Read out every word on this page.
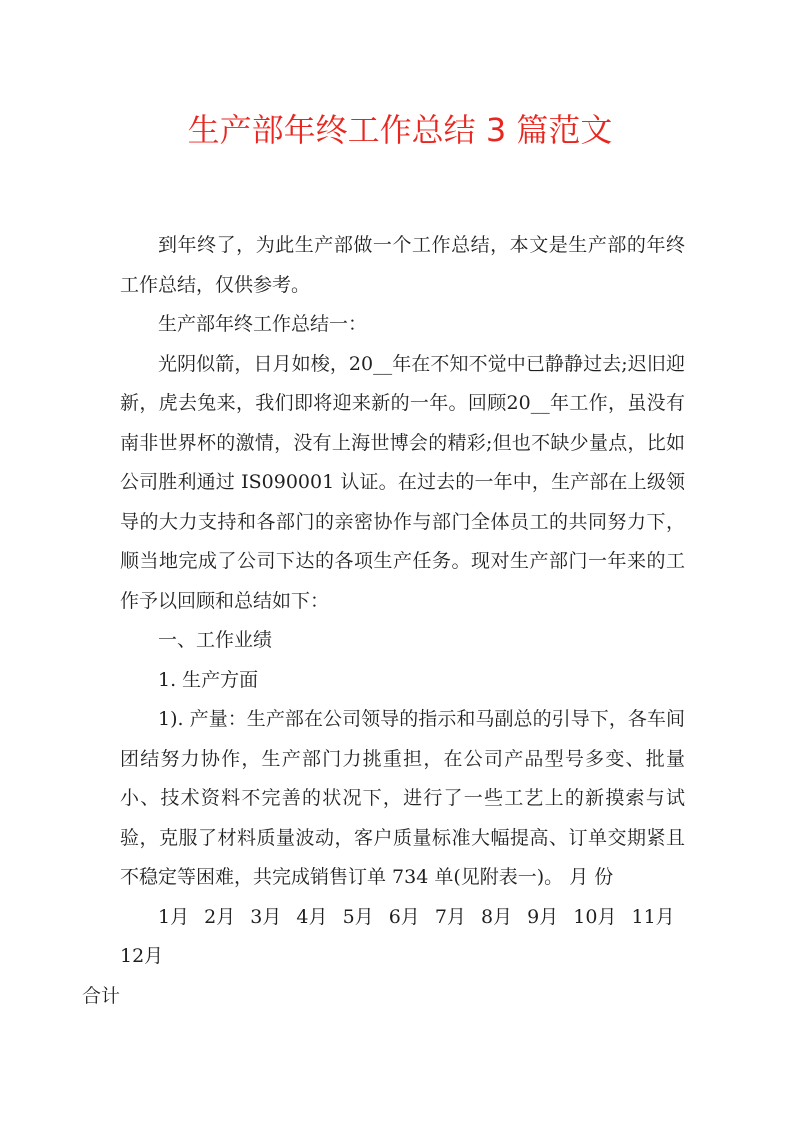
生产部年终工作总结 3 篇范文

到年终了，为此生产部做一个工作总结，本文是生产部的年终工作总结，仅供参考。

生产部年终工作总结一：

光阴似箭，日月如梭，20__年在不知不觉中已静静过去;迟旧迎新，虎去兔来，我们即将迎来新的一年。回顾20__年工作，虽没有南非世界杯的激情，没有上海世博会的精彩;但也不缺少量点，比如公司胜利通过 IS090001 认证。在过去的一年中，生产部在上级领导的大力支持和各部门的亲密协作与部门全体员工的共同努力下，顺当地完成了公司下达的各项生产任务。现对生产部门一年来的工作予以回顾和总结如下：

一、工作业绩

1. 生产方面

1). 产量：生产部在公司领导的指示和马副总的引导下，各车间团结努力协作，生产部门力挑重担，在公司产品型号多变、批量小、技术资料不完善的状况下，进行了一些工艺上的新摸索与试验，克服了材料质量波动，客户质量标准大幅提高、订单交期紧且不稳定等困难，共完成销售订单 734 单(见附表一)。 月 份

1月 2月 3月 4月 5月 6月 7月 8月 9月 10月 11月 12月
合计
